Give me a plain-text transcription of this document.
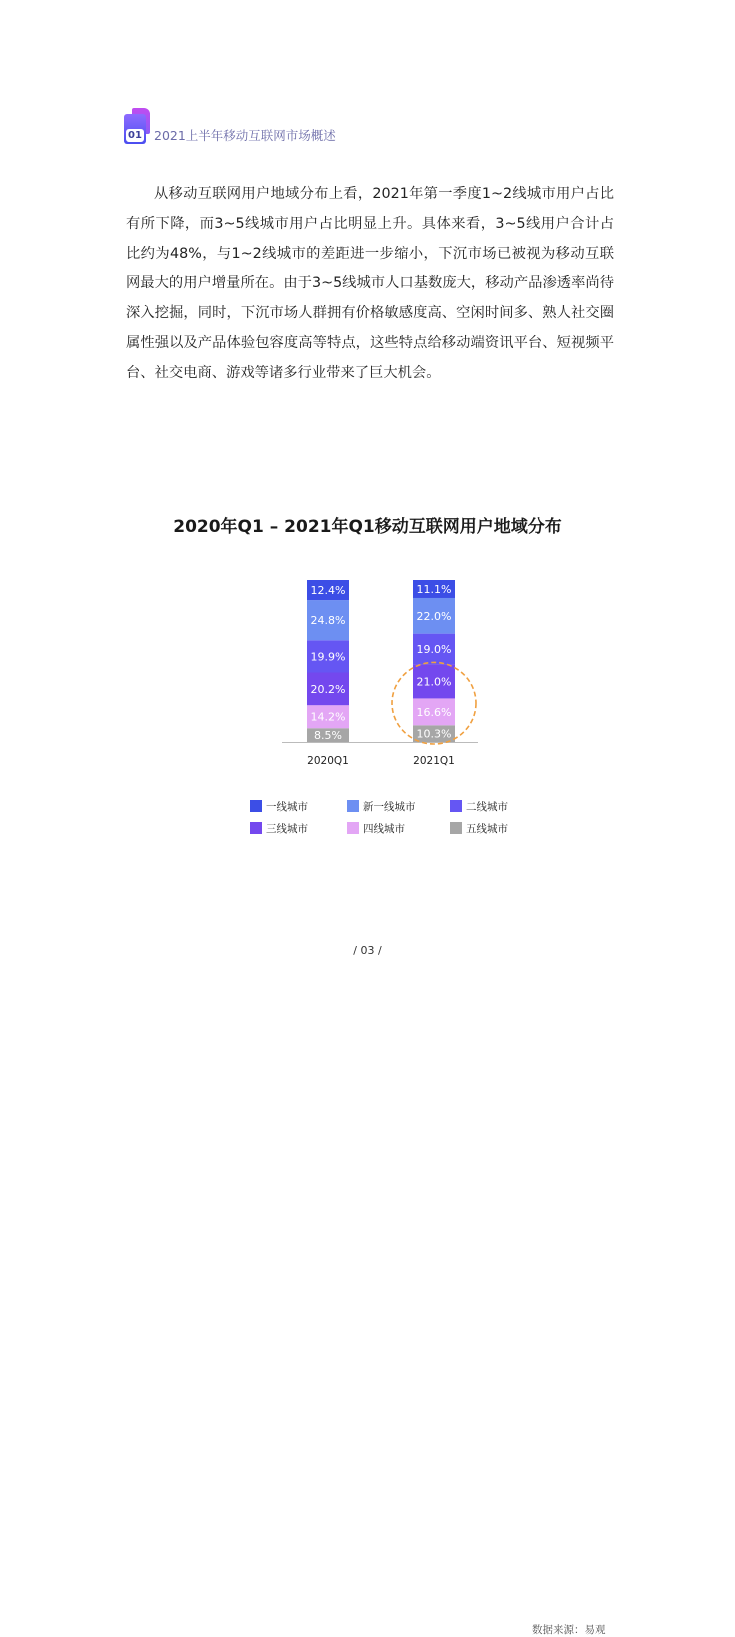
01 2021上半年移动互联网市场概述

从移动互联网用户地域分布上看，2021年第一季度1~2线城市用户占比有所下降，而3~5线城市用户占比明显上升。具体来看，3~5线用户合计占比约为48%，与1~2线城市的差距进一步缩小，下沉市场已被视为移动互联网最大的用户增量所在。由于3~5线城市人口基数庞大，移动产品渗透率尚待深入挖掘，同时，下沉市场人群拥有价格敏感度高、空闲时间多、熟人社交圈属性强以及产品体验包容度高等特点，这些特点给移动端资讯平台、短视频平台、社交电商、游戏等诸多行业带来了巨大机会。

2020年Q1 – 2021年Q1移动互联网用户地域分布
8.5%
14.2%
20.2%
19.9%
24.8%
12.4%
2020Q1
10.3%
16.6%
21.0%
19.0%
22.0%
11.1%
2021Q1
一线城市	新一线城市	二线城市
三线城市	四线城市	五线城市
数据来源：易观
/ 03 /
